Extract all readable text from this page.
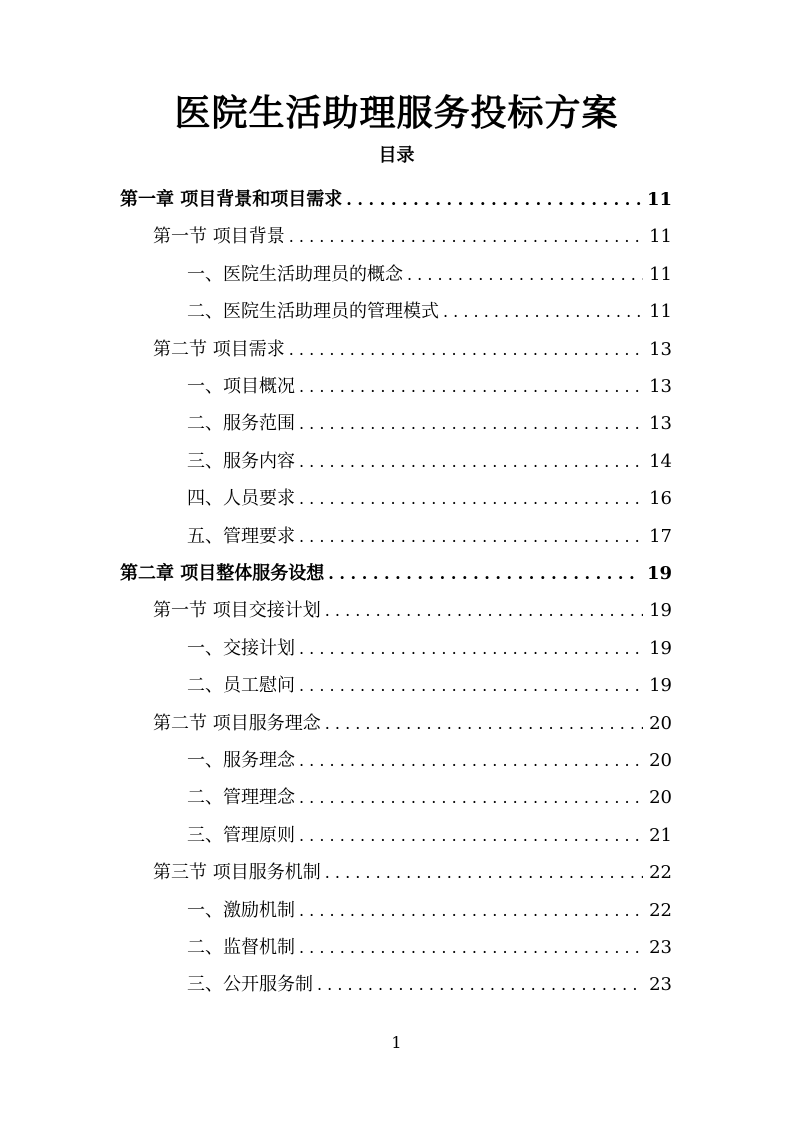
医院生活助理服务投标方案
目录
第一章 项目背景和项目需求 . . .	11
第一节 项目背景 . . .	11
一、医院生活助理员的概念 . . .	11
二、医院生活助理员的管理模式 . . .	11
第二节 项目需求 . . .	13
一、项目概况 . . .	13
二、服务范围 . . .	13
三、服务内容 . . .	14
四、人员要求 . . .	16
五、管理要求 . . .	17
第二章 项目整体服务设想 . . .	19
第一节 项目交接计划 . . .	19
一、交接计划 . . .	19
二、员工慰问 . . .	19
第二节 项目服务理念 . . .	20
一、服务理念 . . .	20
二、管理理念 . . .	20
三、管理原则 . . .	21
第三节 项目服务机制 . . .	22
一、激励机制 . . .	22
二、监督机制 . . .	23
三、公开服务制 . . .	23
1
